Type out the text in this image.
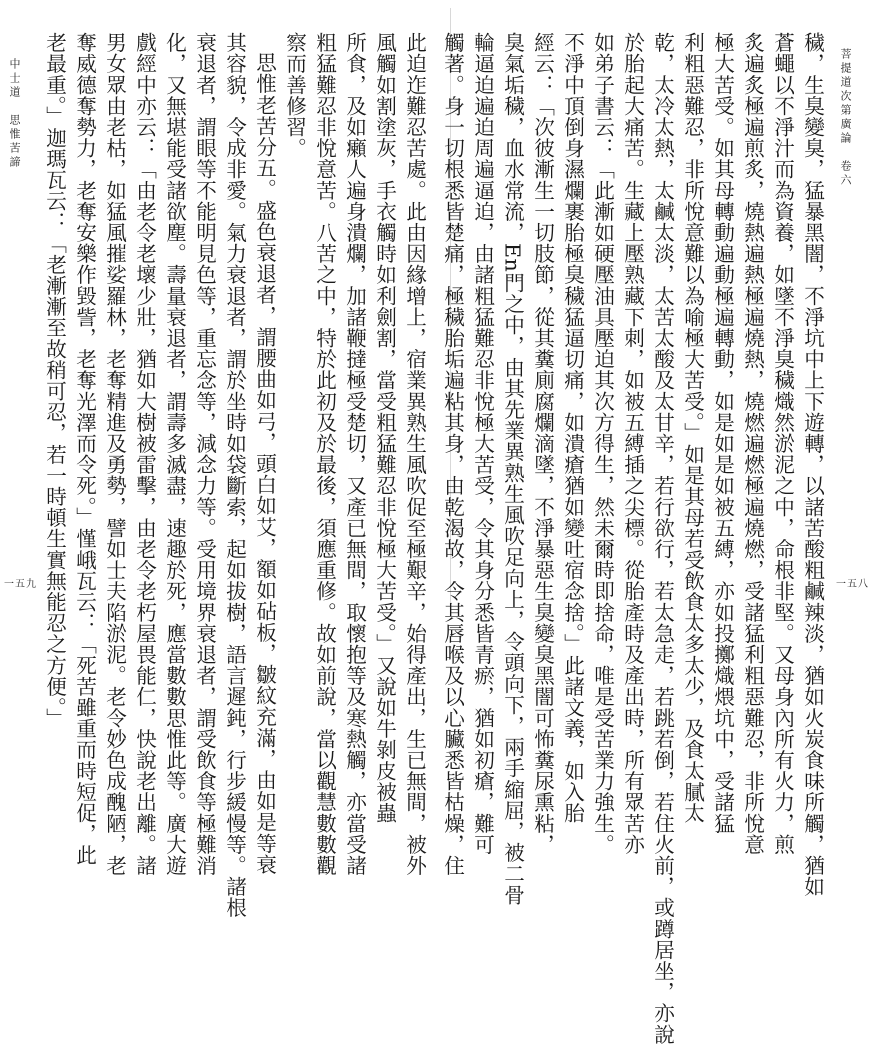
菩提道次第廣論　卷六
一五八
中士道　思惟苦諦
一五九	穢，生臭變臭，猛暴黑闇，不淨坑中上下遊轉，以諸苦酸粗鹹辣淡，猶如火炭食味所觸，猶如
蒼蠅以不淨汁而為資養，如墜不淨臭穢熾然淤泥之中，命根非堅。又母身內所有火力，煎
炙遍炙極遍煎炙，燒熱遍熱極遍燒熱，燒燃遍燃極遍燒燃，受諸猛利粗惡難忍，非所悅意
極大苦受。如其母轉動遍動極遍轉動，如是如是如被五縛，亦如投擲熾煨坑中，受諸猛
利粗惡難忍，非所悅意難以為喻極大苦受。」如是其母若受飲食太多太少，及食太膩太
乾，太冷太熱，太鹹太淡，太苦太酸及太甘辛，若行欲行，若太急走，若跳若倒，若住火前，或蹲居坐，亦說
於胎起大痛苦。生藏上壓熟藏下刺，如被五縛插之尖標。從胎產時及產出時，所有眾苦亦
如弟子書云：「此漸如硬壓油具壓迫其次方得生，然未爾時即捨命，唯是受苦業力強生。
不淨中頂倒身濕爛裹胎極臭穢猛逼切痛，如潰瘡猶如變吐宿念捨。」此諸文義，如入胎
經云：「次彼漸生一切肢節，從其糞廁腐爛滴墜，不淨暴惡生臭變臭黑闇可怖糞尿熏粘，
臭氣垢穢，血水常流，En門之中，由其先業異熟生風吹足向上，令頭向下，兩手縮屈，被二骨
輪逼迫遍迫周遍逼迫，由諸粗猛難忍非悅極大苦受，令其身分悉皆青瘀，猶如初瘡，難可
觸著。身一切根悉皆楚痛，極穢胎垢遍粘其身，由乾渴故，令其唇喉及以心臟悉皆枯燥，住
此迫迮難忍苦處。此由因緣增上，宿業異熟生風吹促至極艱辛，始得產出，生已無間，被外
風觸如割塗灰，手衣觸時如利劍割，當受粗猛難忍非悅極大苦受。」又說如牛剝皮被蟲
所食，及如癩人遍身潰爛，加諸鞭撻極受楚切，又產已無間，取懷抱等及寒熱觸，亦當受諸
粗猛難忍非悅意苦。八苦之中，特於此初及於最後，須應重修。故如前說，當以觀慧數數觀
察而善修習。
思惟老苦分五。盛色衰退者，謂腰曲如弓，頭白如艾，額如砧板，皺紋充滿，由如是等衰
其容貌，令成非愛。氣力衰退者，謂於坐時如袋斷索，起如拔樹，語言遲鈍，行步緩慢等。諸根
衰退者，謂眼等不能明見色等，重忘念等，減念力等。受用境界衰退者，謂受飲食等極難消
化，又無堪能受諸欲塵。壽量衰退者，謂壽多滅盡，速趣於死，應當數數思惟此等。廣大遊
戲經中亦云：「由老令老壞少壯，猶如大樹被雷擊，由老令老朽屋畏能仁，快說老出離。諸
男女眾由老枯，如猛風摧娑羅林，老奪精進及勇勢，譬如士夫陷淤泥。老令妙色成醜陋，老
奪威德奪勢力，老奪安樂作毀訾，老奪光澤而令死。」慬峨瓦云：「死苦雖重而時短促，此
老最重。」迦瑪瓦云：「老漸漸至故稍可忍，若一時頓生實無能忍之方便。」
